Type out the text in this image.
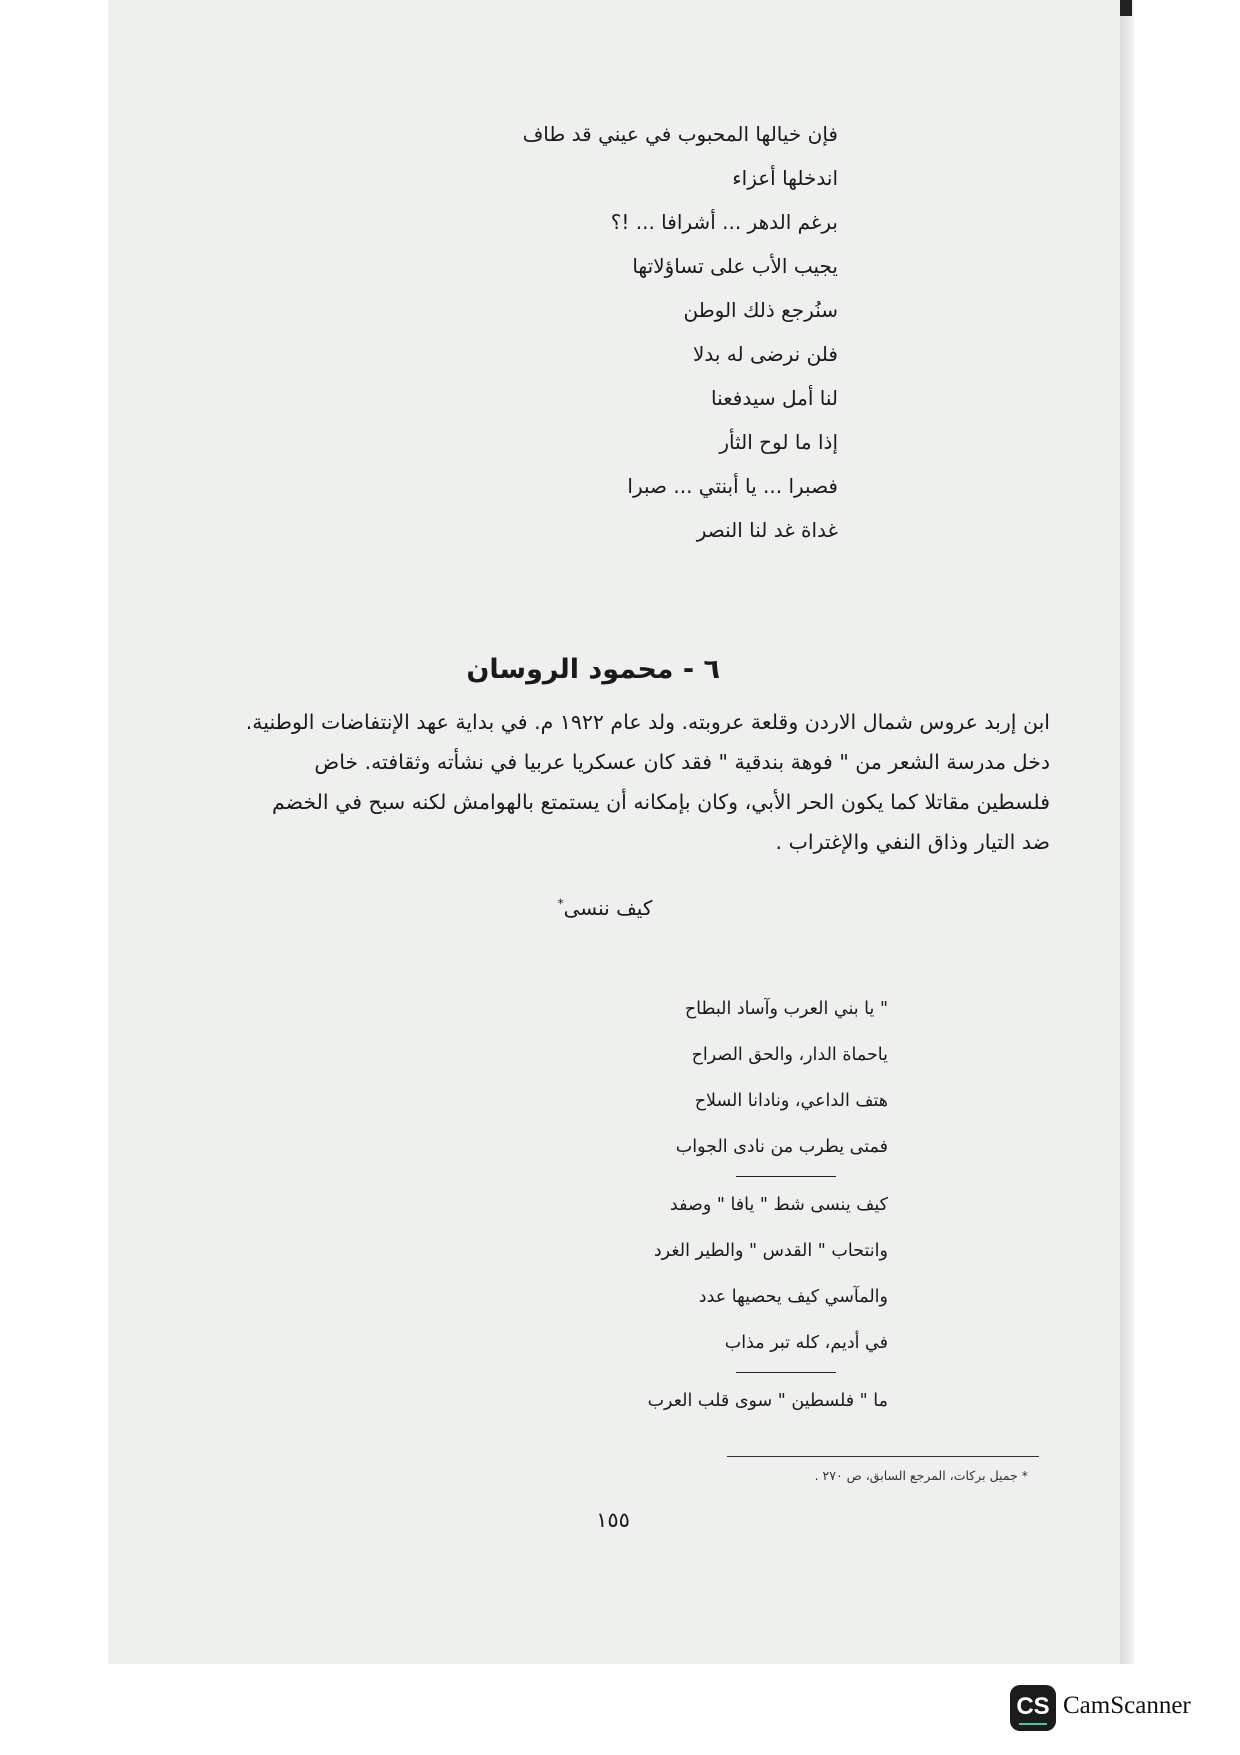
فإن خيالها المحبوب في عيني قد طاف
اندخلها أعزاء
برغم الدهر ... أشرافا ... !؟
يجيب الأب على تساؤلاتها
سنُرجع ذلك الوطن
فلن نرضى له بدلا
لنا أمل سيدفعنا
إذا ما لوح الثأر
فصبرا ... يا أبنتي ... صبرا
غداة غد لنا النصر
٦ - محمود الروسان
ابن إربد عروس شمال الاردن وقلعة عروبته. ولد عام ١٩٢٢ م. في بداية عهد الإنتفاضات الوطنية.
دخل مدرسة الشعر من " فوهة بندقية " فقد كان عسكريا عربيا في نشأته وثقافته. خاض
فلسطين مقاتلا كما يكون الحر الأبي، وكان بإمكانه أن يستمتع بالهوامش لكنه سبح في الخضم
ضد التيار وذاق النفي والإغتراب .
كيف ننسى*
" يا بني العرب وآساد البطاح
ياحماة الدار، والحق الصراح
هتف الداعي، ونادانا السلاح
فمتى يطرب من نادى الجواب
كيف ينسى شط " يافا " وصفد
وانتحاب " القدس " والطير الغرد
والمآسي كيف يحصيها عدد
في أديم، كله تبر مذاب
ما " فلسطين " سوى قلب العرب
* جميل بركات، المرجع السابق، ص ٢٧٠ .
١٥٥
CS CamScanner
